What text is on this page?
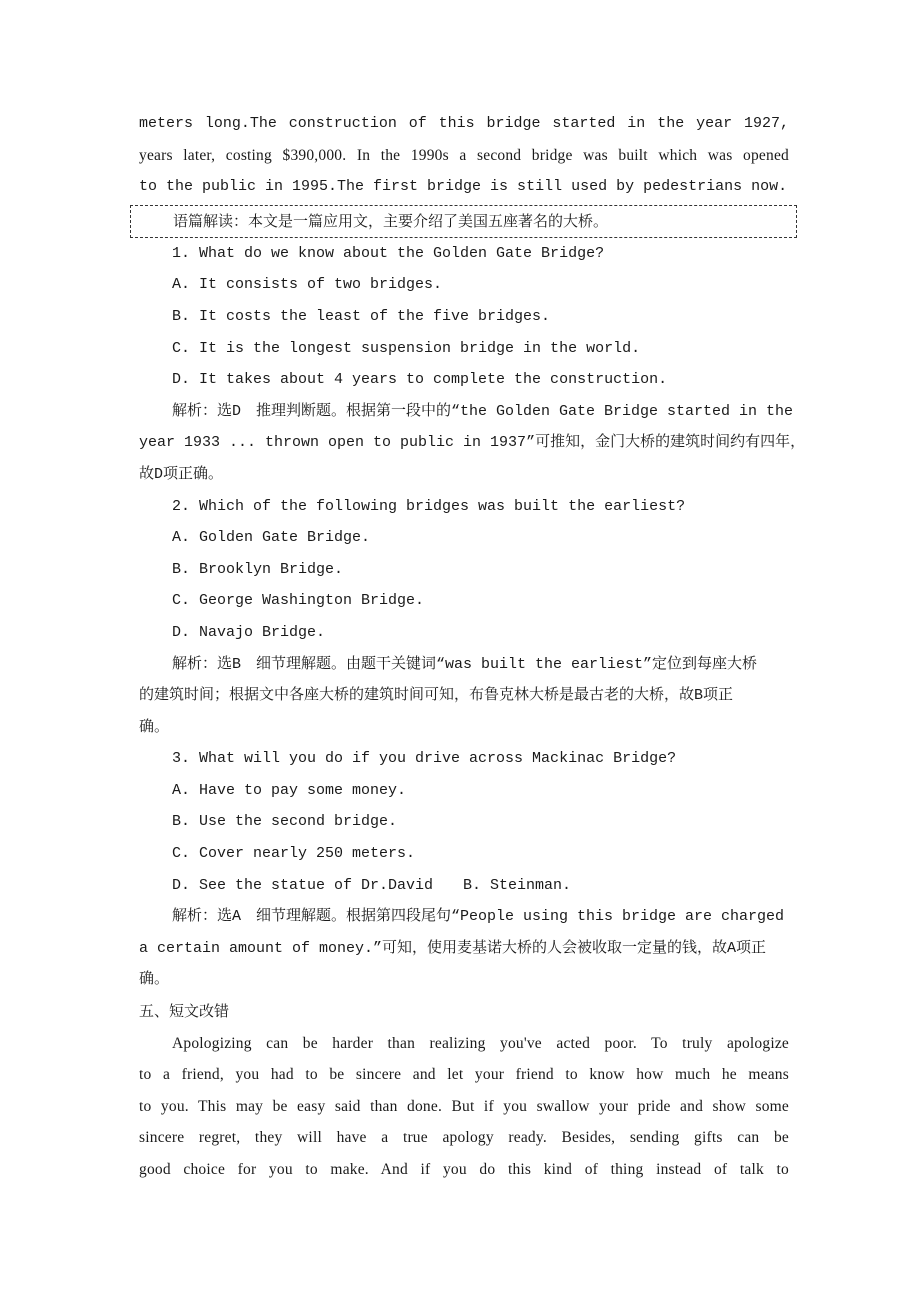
meters long.The construction of this bridge started in the year 1927,
years later, costing $390,000. In the 1990s a second bridge was built which was opened
to the public in 1995.The first bridge is still used by pedestrians now.
语篇解读：本文是一篇应用文，主要介绍了美国五座著名的大桥。
1. What do we know about the Golden Gate Bridge?
A. It consists of two bridges.
B. It costs the least of the five bridges.
C. It is the longest suspension bridge in the world.
D. It takes about 4 years to complete the construction.
解析：选D　推理判断题。根据第一段中的“the Golden Gate Bridge started in the
year 1933 ... thrown open to public in 1937”可推知，金门大桥的建筑时间约有四年，
故D项正确。
2. Which of the following bridges was built the earliest?
A. Golden Gate Bridge.
B. Brooklyn Bridge.
C. George Washington Bridge.
D. Navajo Bridge.
解析：选B　细节理解题。由题干关键词“was built the earliest”定位到每座大桥
的建筑时间；根据文中各座大桥的建筑时间可知，布鲁克林大桥是最古老的大桥，故B项正
确。
3. What will you do if you drive across Mackinac Bridge?
A. Have to pay some money.
B. Use the second bridge.
C. Cover nearly 250 meters.
D. See the statue of Dr.David　　B. Steinman.
解析：选A　细节理解题。根据第四段尾句“People using this bridge are charged
a certain amount of money.”可知，使用麦基诺大桥的人会被收取一定量的钱，故A项正
确。
五、短文改错
Apologizing can be harder than realizing you've acted poor. To truly apologize
to a friend, you had to be sincere and let your friend to know how much he means
to you. This may be easy said than done. But if you swallow your pride and show some
sincere regret, they will have a true apology ready. Besides, sending gifts can be
good choice for you to make. And if you do this kind of thing instead of talk to
